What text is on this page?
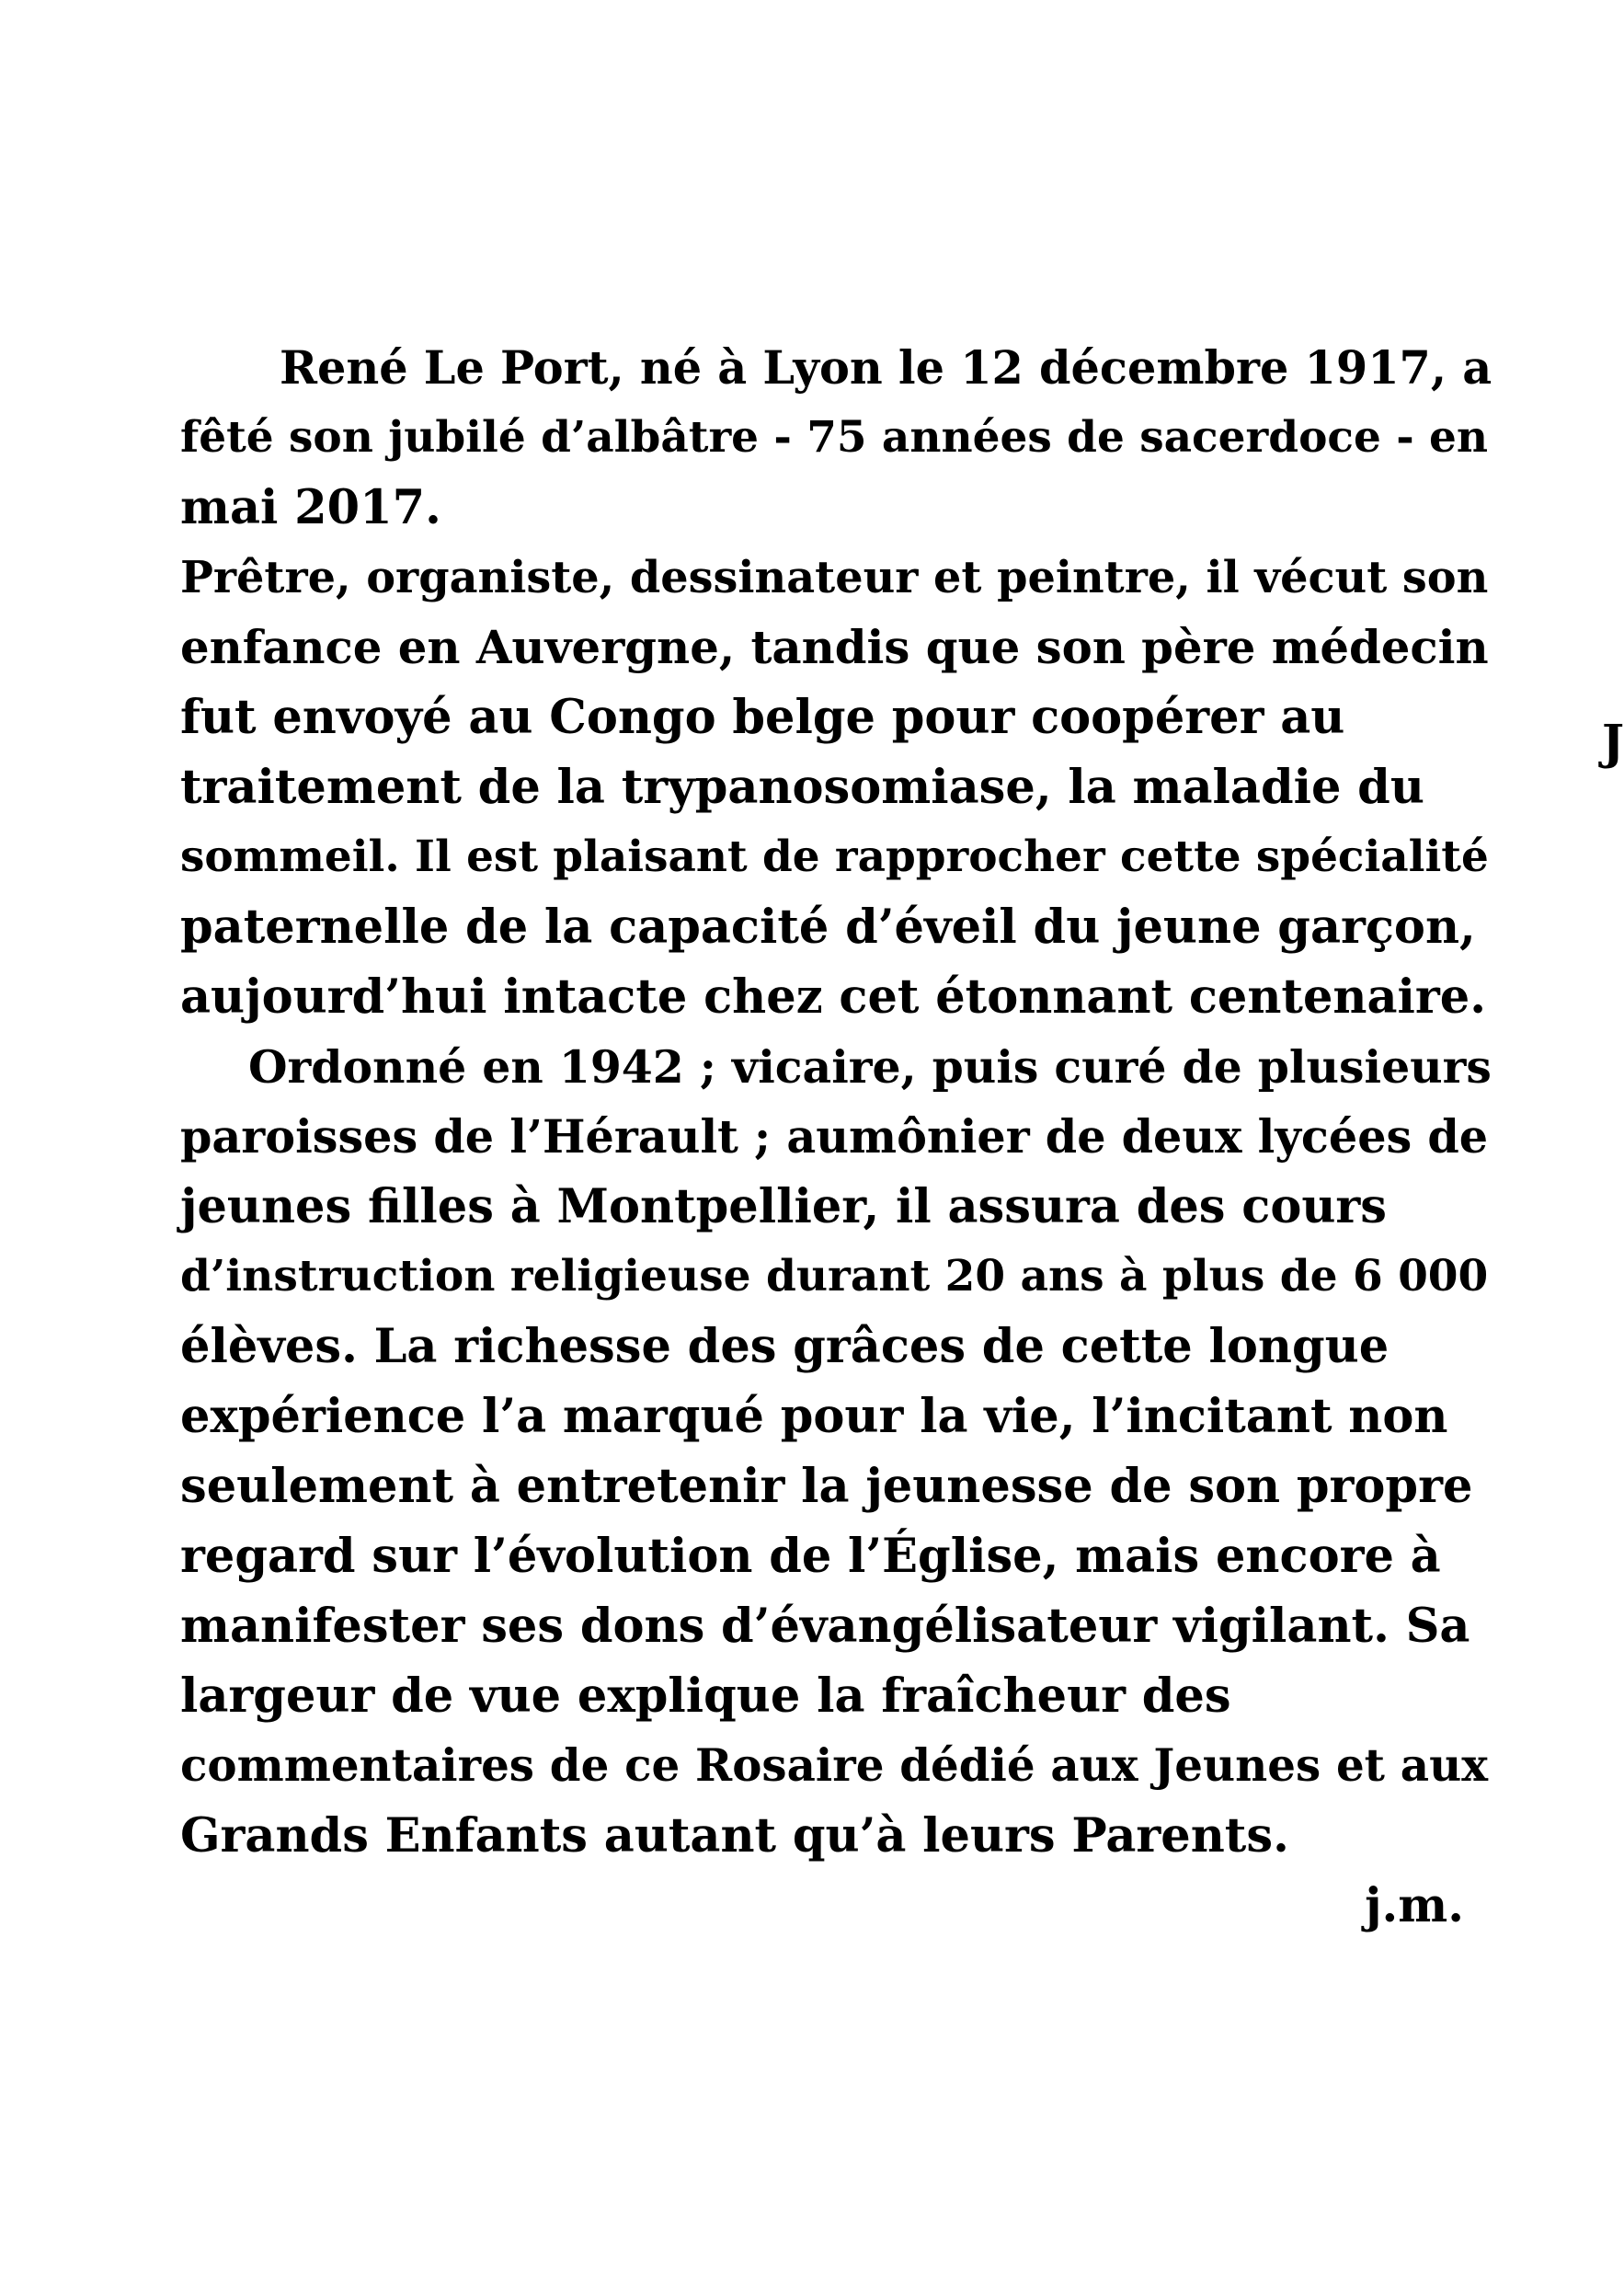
René Le Port, né à Lyon le 12 décembre 1917, a
fêté son jubilé d’albâtre - 75 années de sacerdoce - en
mai 2017.
Prêtre, organiste, dessinateur et peintre, il vécut son
enfance en Auvergne, tandis que son père médecin
fut envoyé au Congo belge pour coopérer au
traitement de la trypanosomiase, la maladie du
sommeil. Il est plaisant de rapprocher cette spécialité
paternelle de la capacité d’éveil du jeune garçon,
aujourd’hui intacte chez cet étonnant centenaire.
Ordonné en 1942 ; vicaire, puis curé de plusieurs
paroisses de l’Hérault ; aumônier de deux lycées de
jeunes filles à Montpellier, il assura des cours
d’instruction religieuse durant 20 ans à plus de 6 000
élèves. La richesse des grâces de cette longue
expérience l’a marqué pour la vie, l’incitant non
seulement à entretenir la jeunesse de son propre
regard sur l’évolution de l’Église, mais encore à
manifester ses dons d’évangélisateur vigilant. Sa
largeur de vue explique la fraîcheur des
commentaires de ce Rosaire dédié aux Jeunes et aux
Grands Enfants autant qu’à leurs Parents.
j.m.
J
